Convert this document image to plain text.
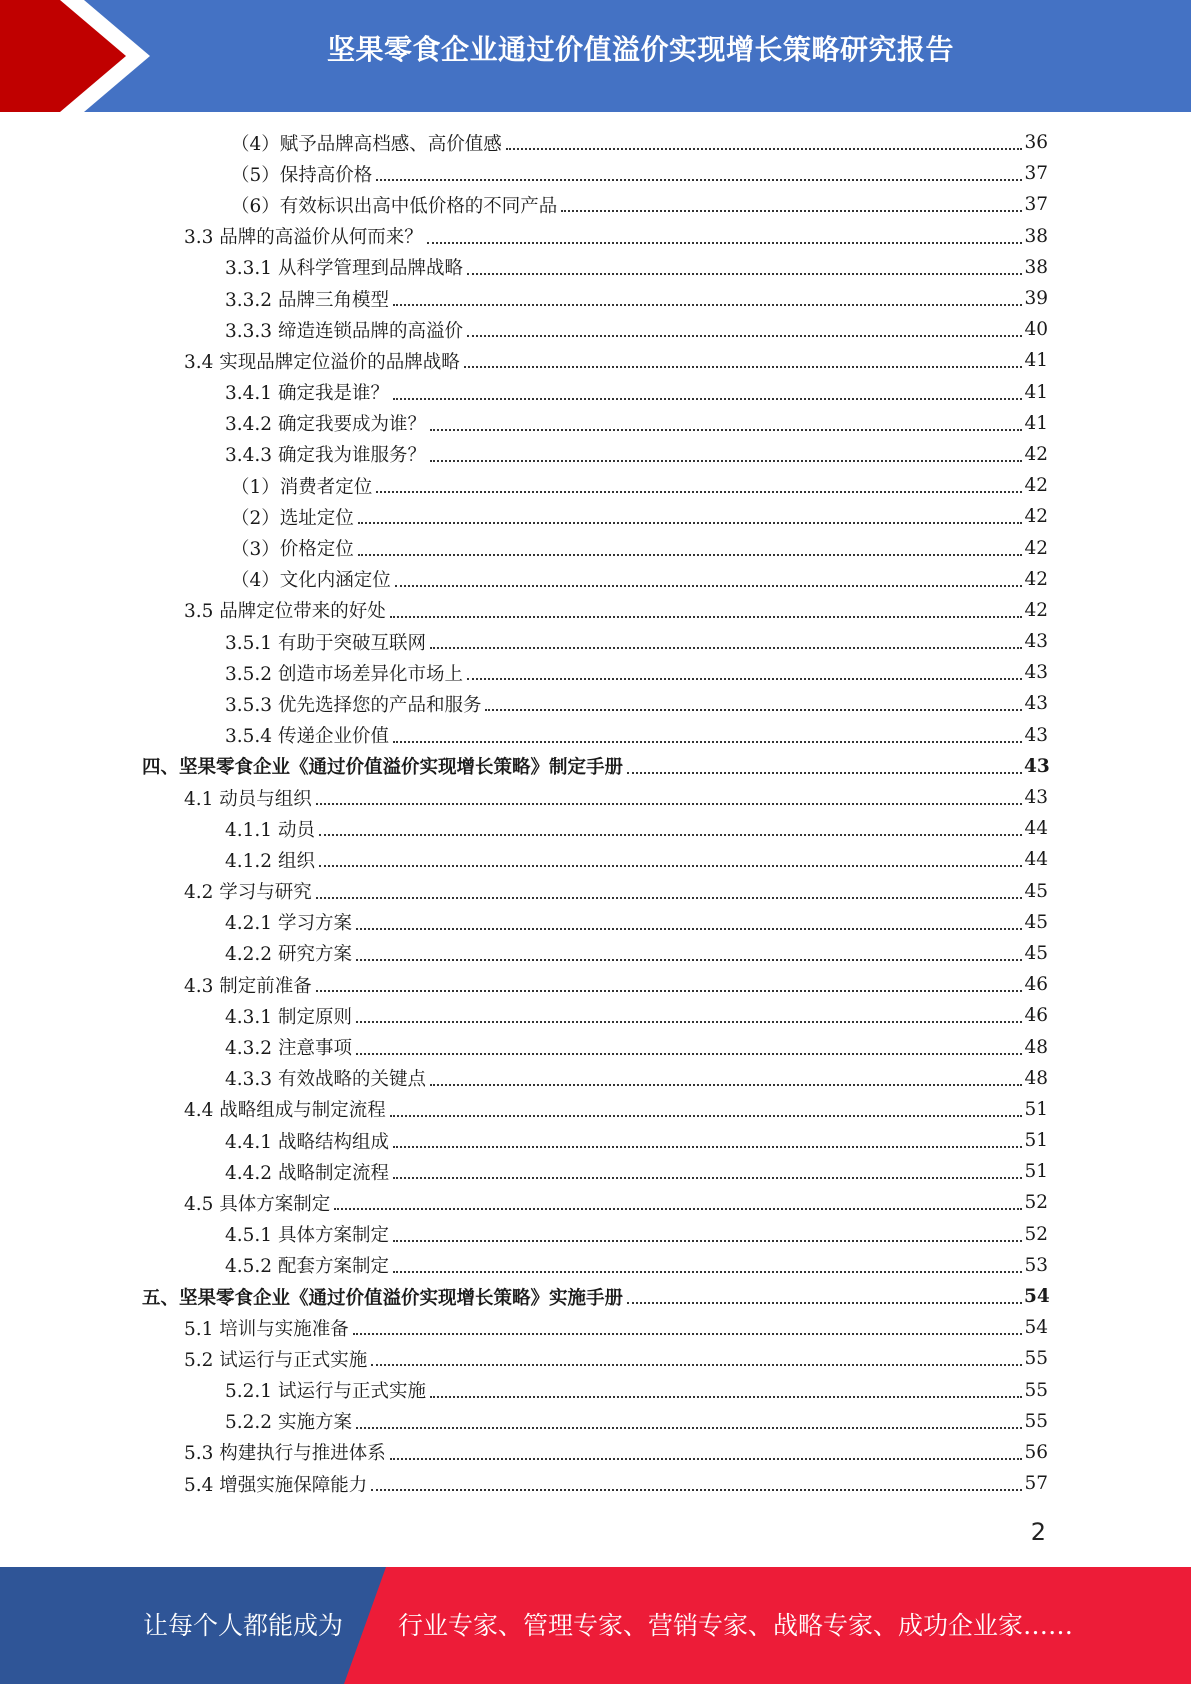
坚果零食企业通过价值溢价实现增长策略研究报告
（4）赋予品牌高档感、高价值感	36
（5）保持高价格	37
（6）有效标识出高中低价格的不同产品	37
3.3 品牌的高溢价从何而来？	38
3.3.1 从科学管理到品牌战略	38
3.3.2 品牌三角模型	39
3.3.3 缔造连锁品牌的高溢价	40
3.4 实现品牌定位溢价的品牌战略	41
3.4.1 确定我是谁？	41
3.4.2 确定我要成为谁？	41
3.4.3 确定我为谁服务？	42
（1）消费者定位	42
（2）选址定位	42
（3）价格定位	42
（4）文化内涵定位	42
3.5 品牌定位带来的好处	42
3.5.1 有助于突破互联网	43
3.5.2 创造市场差异化市场上	43
3.5.3 优先选择您的产品和服务	43
3.5.4 传递企业价值	43
四、坚果零食企业《通过价值溢价实现增长策略》制定手册	43
4.1 动员与组织	43
4.1.1 动员	44
4.1.2 组织	44
4.2 学习与研究	45
4.2.1 学习方案	45
4.2.2 研究方案	45
4.3 制定前准备	46
4.3.1 制定原则	46
4.3.2 注意事项	48
4.3.3 有效战略的关键点	48
4.4 战略组成与制定流程	51
4.4.1 战略结构组成	51
4.4.2 战略制定流程	51
4.5 具体方案制定	52
4.5.1 具体方案制定	52
4.5.2 配套方案制定	53
五、坚果零食企业《通过价值溢价实现增长策略》实施手册	54
5.1 培训与实施准备	54
5.2 试运行与正式实施	55
5.2.1 试运行与正式实施	55
5.2.2 实施方案	55
5.3 构建执行与推进体系	56
5.4 增强实施保障能力	57
2
让每个人都能成为 行业专家、管理专家、营销专家、战略专家、成功企业家……
